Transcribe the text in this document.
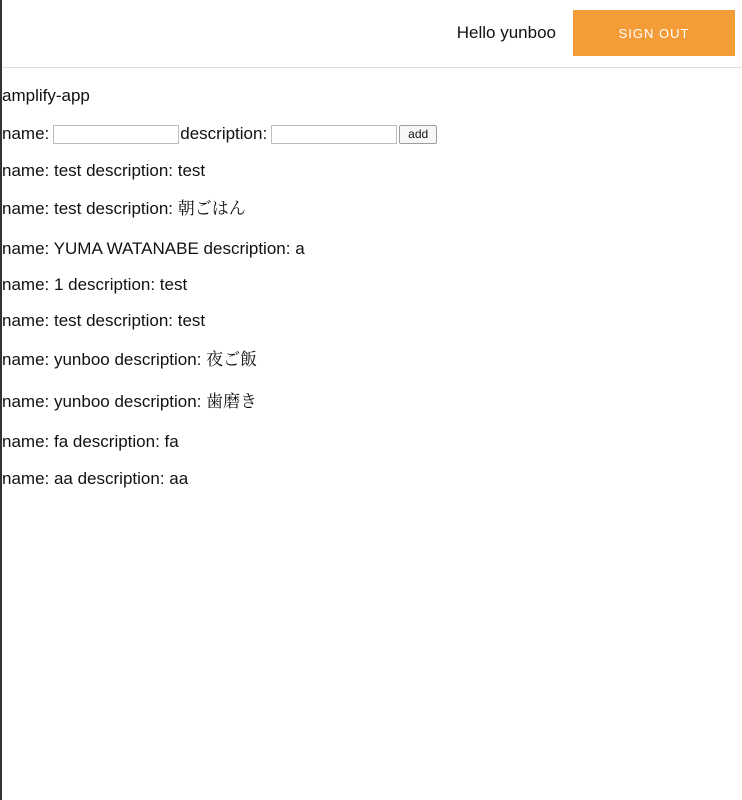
Hello yunboo	SIGN OUT
amplify-app
name:	description:	add
name: test description: test
name: test description: 朝ごはん
name: YUMA WATANABE description: a
name: 1 description: test
name: test description: test
name: yunboo description: 夜ご飯
name: yunboo description: 歯磨き
name: fa description: fa
name: aa description: aa
